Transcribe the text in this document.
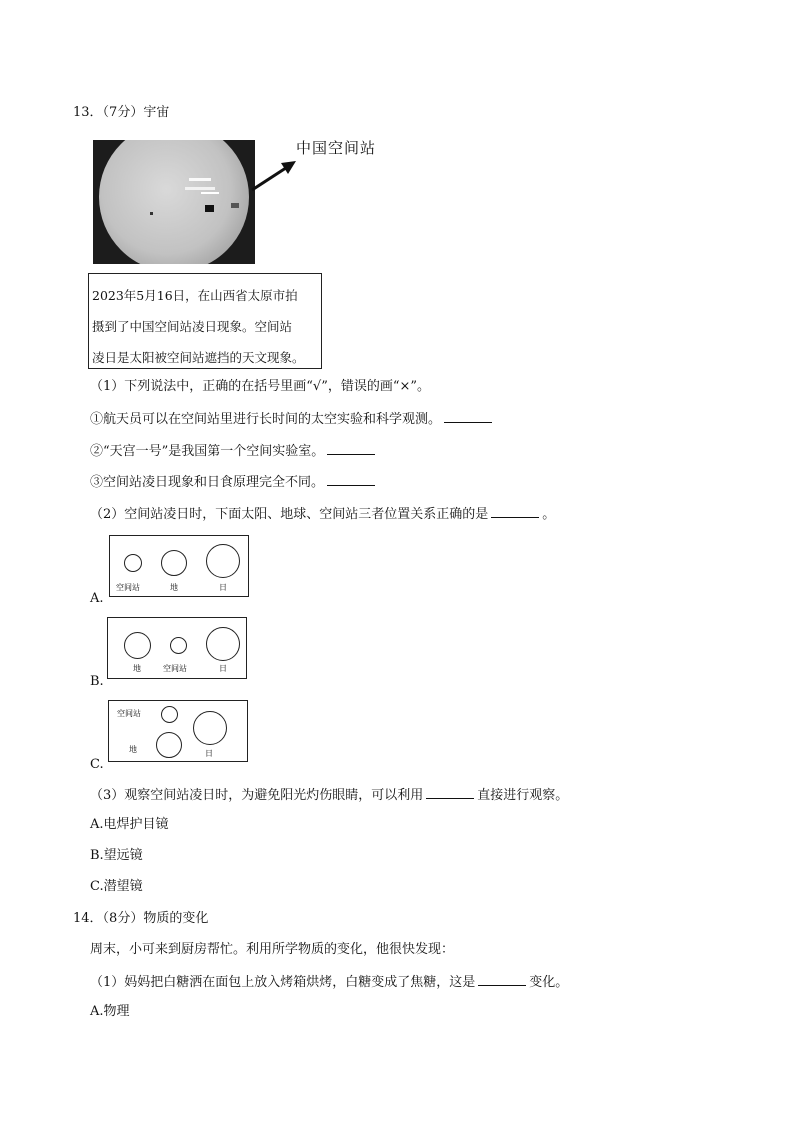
13．（7分）宇宙
中国空间站
2023年5月16日，在山西省太原市拍
摄到了中国空间站凌日现象。空间站
凌日是太阳被空间站遮挡的天文现象。
（1）下列说法中，正确的在括号里画“√”，错误的画“×”。
①航天员可以在空间站里进行长时间的太空实验和科学观测。
②“天宫一号”是我国第一个空间实验室。
③空间站凌日现象和日食原理完全不同。
（2）空间站凌日时，下面太阳、地球、空间站三者位置关系正确的是	。
空间站	地	日
A.
地	空间站	日
B.
空间站
地	日
C.
（3）观察空间站凌日时，为避免阳光灼伤眼睛，可以利用	直接进行观察。
A.电焊护目镜
B.望远镜
C.潜望镜
14．（8分）物质的变化
周末，小可来到厨房帮忙。利用所学物质的变化，他很快发现：
（1）妈妈把白糖洒在面包上放入烤箱烘烤，白糖变成了焦糖，这是	变化。
A.物理
